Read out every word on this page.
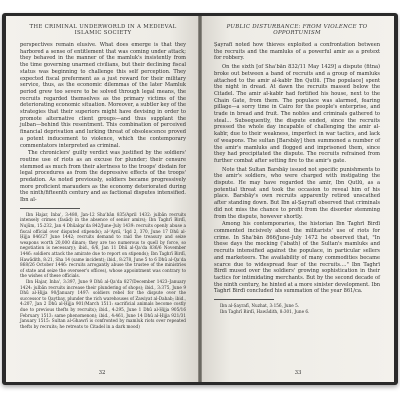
THE CRIMINAL UNDERWORLD IN A MEDIEVAL ISLAMIC SOCIETY

perspectives remain elusive. What does emerge is that they harbored a sense of entitlement that was coming under attack; they behaved in the manner of the mamluk's insistently from the time governing unarmed civilians, but their declining fiscal status was beginning to challenge this self perception. They expected fiscal preferment as a just reward for their military service, thus, as the economic dilemmas of the later Mamluk period grew too severe to be solved through legal means, the recruits regarded themselves as the primary victims of the deteriorating economic situation. Moreover, a subtler key of the strategies that their superiors might have devising in order to promote alternative client groups—and thus supplant the julban—behind this resentment. This combination of perceived financial deprivation and lurking threat of obsolescence proved a potent inducement to violence, which the contemporary commentators interpreted as criminal.

The chroniclers' guilty verdict was justified by the soldiers' routine use of riots as an excuse for plunder; their censure stemmed as much from their alertness to the troops' disdain for legal procedures as from the depressive effects of the troops' predation. As noted previously, soldiers became progressively more proficient marauders as the economy deteriorated during the ninth/fifteenth century and as factional disputes intensified. Ibn al-

Ibn Hajar, Inba', 3:480, Jan-12 Shaʿbān 835/April 1432: julbān recruits intensely crimes (fasād) in the absence of senior amirs); Ibn Taghrī Birdī, Nujūm, 15:232, Jan 4 Dhūalqaʿda 842/June–July 1439: recruits openly abuse a fiscal official over disputed stipends); al-ʿAynī, ʿIqd 2, 370, June 17 Dhū al-Ḥijja 846/27 June 1442; recruits demand to raid the treasury and seize weapons worth 20,000 dinars; they are too numerous to quell by force, so negotiation is necessary); ibid., 6/6, Jan 11 Dhū al-Qaʿda 836/6 November 1446: soldiers attack the amirate due to report on stipends); Ibn Taghrī Birdī, Hawādith, 8:21, Sha 14 (same incident); ibid., 8:278, June 5 to 6 Dhū al-Qaʿda 868/26 October 1446: recruits arrogantly abuse the trustee of the ministries of state and seize the overseer's offices), whose appointment was contrary to the wishes of these officials.

Ibn Hajar, Inba', 3:397, June 9 Dhū al-Qaʿda 827/December 1423–January 1424: julbān recruits increase their plundering of shops); ibid., 3:375, June 9 Dhū al-Ḥijja 90/January 1497: soldiers rebel for the dispute over the successor to Qaytbay, plunder the rich warehouses of Zawiyat al-Dahab; ibid., 4:207, Jan 2 Dhū al-Ḥijja 901/March 1511: sacrificial animals become costly due to previous thefts by recruits); ibid., 4:295, June 1 Dhū al-Ḥijja 905/16 February 1513: same phenomenon); ibid., 4:461, June 14 Dhū al-Ḥijja 921/31 January 1515: Sultan al-Ghawrī is confronted by mamluk riots over repeated thefts by recruits; he retreats to Citadel in a dark mood)

32
PUBLIC DISTURBANCE: FROM VIOLENCE TO OPPORTUNISM

Ṣayrafī noted how thieves exploited a confrontation between the recruits and the mamluks of a powerful amir as a pretext for robbery.

On the sixth [of Shaʿbān 832/11 May 1429] a dispute (fitna) broke out between a band of recruits and a group of mamluks attached to the amir al-kabīr Ibn Qutlū. [The populace] spent the night in dread. At dawn the recruits massed below the Citadel. The amir al-kabīr had fortified his house, next to the Chain Gate, from them. The populace was alarmed, fearing pillage—a sorry time in Cairo for the people's enterprise, and trade in bread and fruit. The nobles and criminals gathered to steal... Subsequently, the dispute ended, since the recruits pressed the whole day incapable of challenging the amir al-kabīr, due to their weakness, imperfect in war tactics, and lack of weapons. The sultan [Barsbāy] then summoned a number of the amir's mamluks and flogged and imprisoned them, since they had precipitated the dispute. The recruits refrained from further combat after setting fire to the amir's gate.

Note that Sultan Barsbāy issued not specific punishments to the amir's soldiers, who were charged with instigating the dispute. He may have regarded the amir, Ibn Qutlū, as a potential threat and took the occasion to reveal him of his place. Barsbāy's own recruits apparently retired unscathed after standing down. But Ibn al-Ṣayrafī observed that criminals did not miss the chance to profit from the disorder stemming from the dispute, however shortly.

Among his contemporaries, the historian Ibn Taghrī Birdī commented incisively about the militarists' use of riots for crime. In Shaʿbān 866/June–July 1472 he observed that, "In these days the mocking ('abath) of the Sultan's mamluks and recruits intensified against the populace, in particular sellers and marketeers. The availability of many commodities became scarce due to widespread fear of the recruits...." Ibn Taghrī Birdī mused over the soldiers' growing sophistication in their tactics for intimidating merchants. But by the second decade of the ninth century, he hinted at a more sinister development. Ibn Taghrī Birdī concluded his summation of the year 861/ca.

Ibn al-Ṣayrafī, Nuzhat, 3:156, June 5.

Ibn Taghrī Birdī, Hawādith, 8:301, June 6.

33
